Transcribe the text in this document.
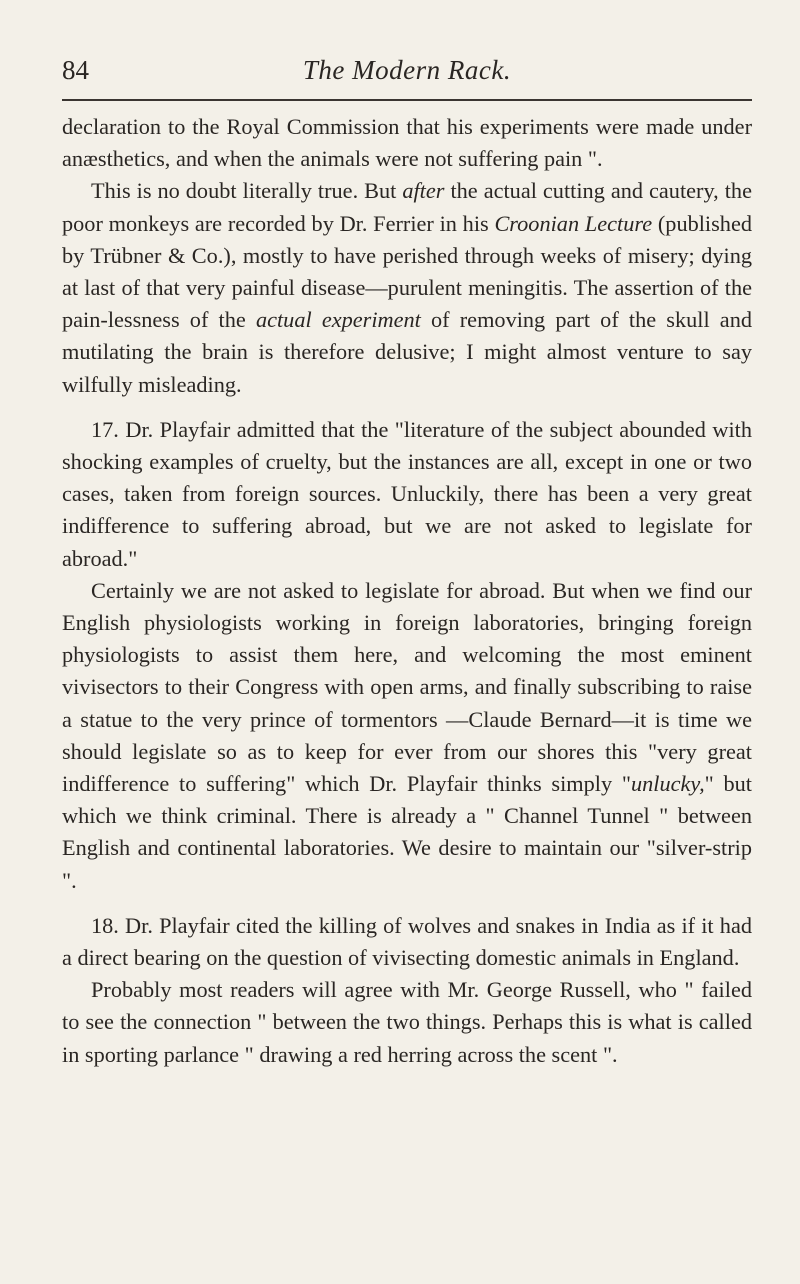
84	The Modern Rack.

declaration to the Royal Commission that his experiments were made under anæsthetics, and when the animals were not suffering pain ".

This is no doubt literally true. But after the actual cutting and cautery, the poor monkeys are recorded by Dr. Ferrier in his Croonian Lecture (published by Trübner & Co.), mostly to have perished through weeks of misery; dying at last of that very painful disease—purulent meningitis. The assertion of the pain-lessness of the actual experiment of removing part of the skull and mutilating the brain is therefore delusive; I might almost venture to say wilfully misleading.

17. Dr. Playfair admitted that the "literature of the subject abounded with shocking examples of cruelty, but the instances are all, except in one or two cases, taken from foreign sources. Unluckily, there has been a very great indifference to suffering abroad, but we are not asked to legislate for abroad."

Certainly we are not asked to legislate for abroad. But when we find our English physiologists working in foreign laboratories, bringing foreign physiologists to assist them here, and welcoming the most eminent vivisectors to their Congress with open arms, and finally subscribing to raise a statue to the very prince of tormentors —Claude Bernard—it is time we should legislate so as to keep for ever from our shores this "very great indifference to suffering" which Dr. Playfair thinks simply "unlucky," but which we think criminal. There is already a " Channel Tunnel " between English and continental laboratories. We desire to maintain our "silver-strip ".

18. Dr. Playfair cited the killing of wolves and snakes in India as if it had a direct bearing on the question of vivisecting domestic animals in England.

Probably most readers will agree with Mr. George Russell, who " failed to see the connection " between the two things. Perhaps this is what is called in sporting parlance " drawing a red herring across the scent ".
